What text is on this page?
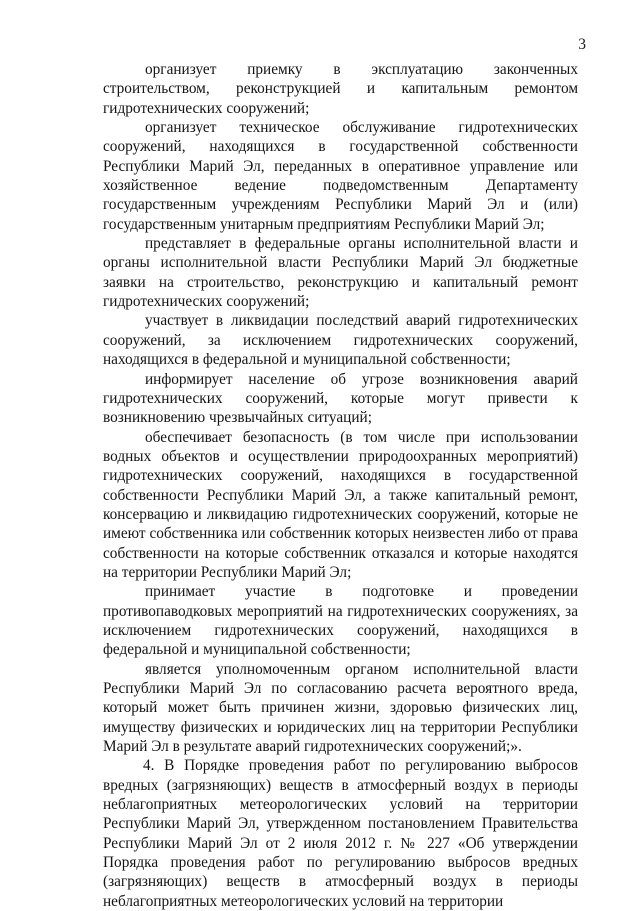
3

организует приемку в эксплуатацию законченных строительством, реконструкцией и капитальным ремонтом гидротехнических сооружений;

организует техническое обслуживание гидротехнических сооружений, находящихся в государственной собственности Республики Марий Эл, переданных в оперативное управление или хозяйственное ведение подведомственным Департаменту государственным учреждениям Республики Марий Эл и (или) государственным унитарным предприятиям Республики Марий Эл;

представляет в федеральные органы исполнительной власти и органы исполнительной власти Республики Марий Эл бюджетные заявки на строительство, реконструкцию и капитальный ремонт гидротехнических сооружений;

участвует в ликвидации последствий аварий гидротехнических сооружений, за исключением гидротехнических сооружений, находящихся в федеральной и муниципальной собственности;

информирует население об угрозе возникновения аварий гидротехнических сооружений, которые могут привести к возникновению чрезвычайных ситуаций;

обеспечивает безопасность (в том числе при использовании водных объектов и осуществлении природоохранных мероприятий) гидротехнических сооружений, находящихся в государственной собственности Республики Марий Эл, а также капитальный ремонт, консервацию и ликвидацию гидротехнических сооружений, которые не имеют собственника или собственник которых неизвестен либо от права собственности на которые собственник отказался и которые находятся на территории Республики Марий Эл;

принимает участие в подготовке и проведении противопаводковых мероприятий на гидротехнических сооружениях, за исключением гидротехнических сооружений, находящихся в федеральной и муниципальной собственности;

является уполномоченным органом исполнительной власти Республики Марий Эл по согласованию расчета вероятного вреда, который может быть причинен жизни, здоровью физических лиц, имуществу физических и юридических лиц на территории Республики Марий Эл в результате аварий гидротехнических сооружений;».

4. В Порядке проведения работ по регулированию выбросов вредных (загрязняющих) веществ в атмосферный воздух в периоды неблагоприятных метеорологических условий на территории Республики Марий Эл, утвержденном постановлением Правительства Республики Марий Эл от 2 июля 2012 г. № 227 «Об утверждении Порядка проведения работ по регулированию выбросов вредных (загрязняющих) веществ в атмосферный воздух в периоды неблагоприятных метеорологических условий на территории
